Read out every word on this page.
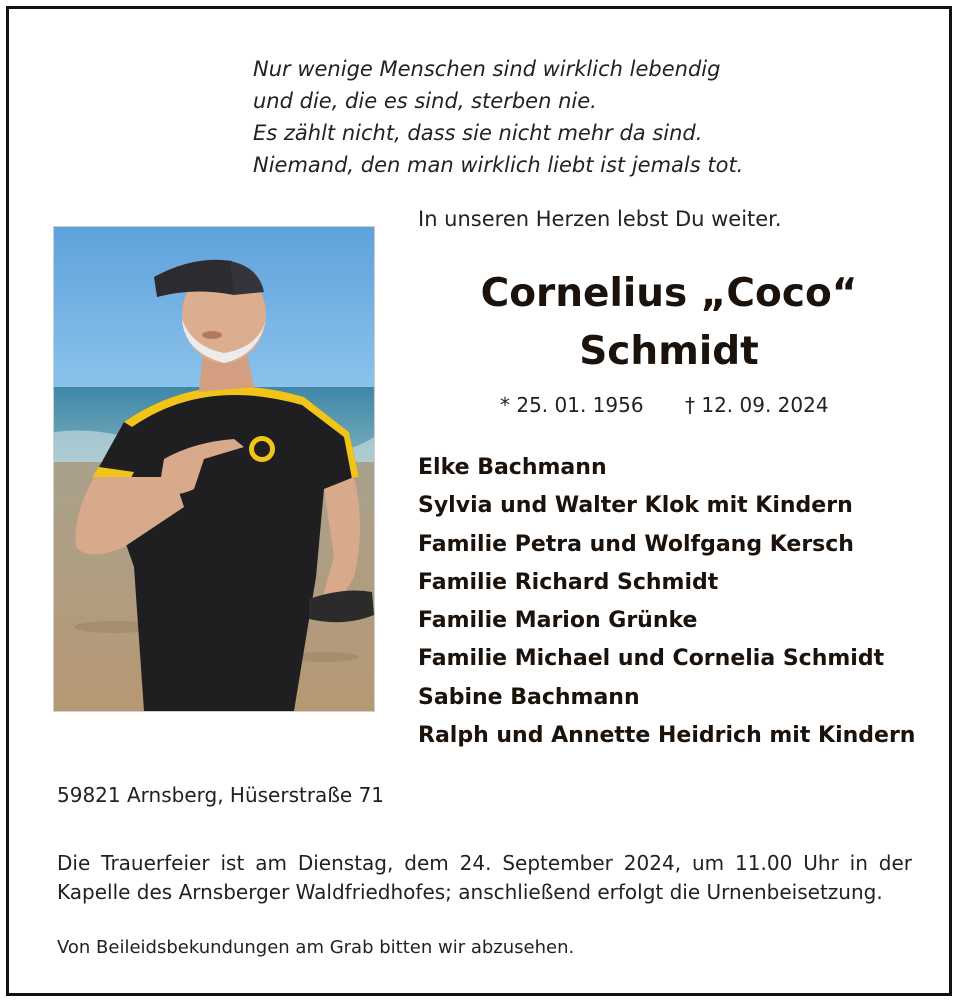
Nur wenige Menschen sind wirklich lebendig
und die, die es sind, sterben nie.
Es zählt nicht, dass sie nicht mehr da sind.
Niemand, den man wirklich liebt ist jemals tot.
In unseren Herzen lebst Du weiter.
Cornelius „Coco“
Schmidt
* 25. 01. 1956 † 12. 09. 2024
Elke Bachmann
Sylvia und Walter Klok mit Kindern
Familie Petra und Wolfgang Kersch
Familie Richard Schmidt
Familie Marion Grünke
Familie Michael und Cornelia Schmidt
Sabine Bachmann
Ralph und Annette Heidrich mit Kindern
59821 Arnsberg, Hüserstraße 71
Die Trauerfeier ist am Dienstag, dem 24. September 2024, um 11.00 Uhr in der Kapelle des Arnsberger Waldfriedhofes; anschließend erfolgt die Urnenbeisetzung.
Von Beileidsbekundungen am Grab bitten wir abzusehen.
